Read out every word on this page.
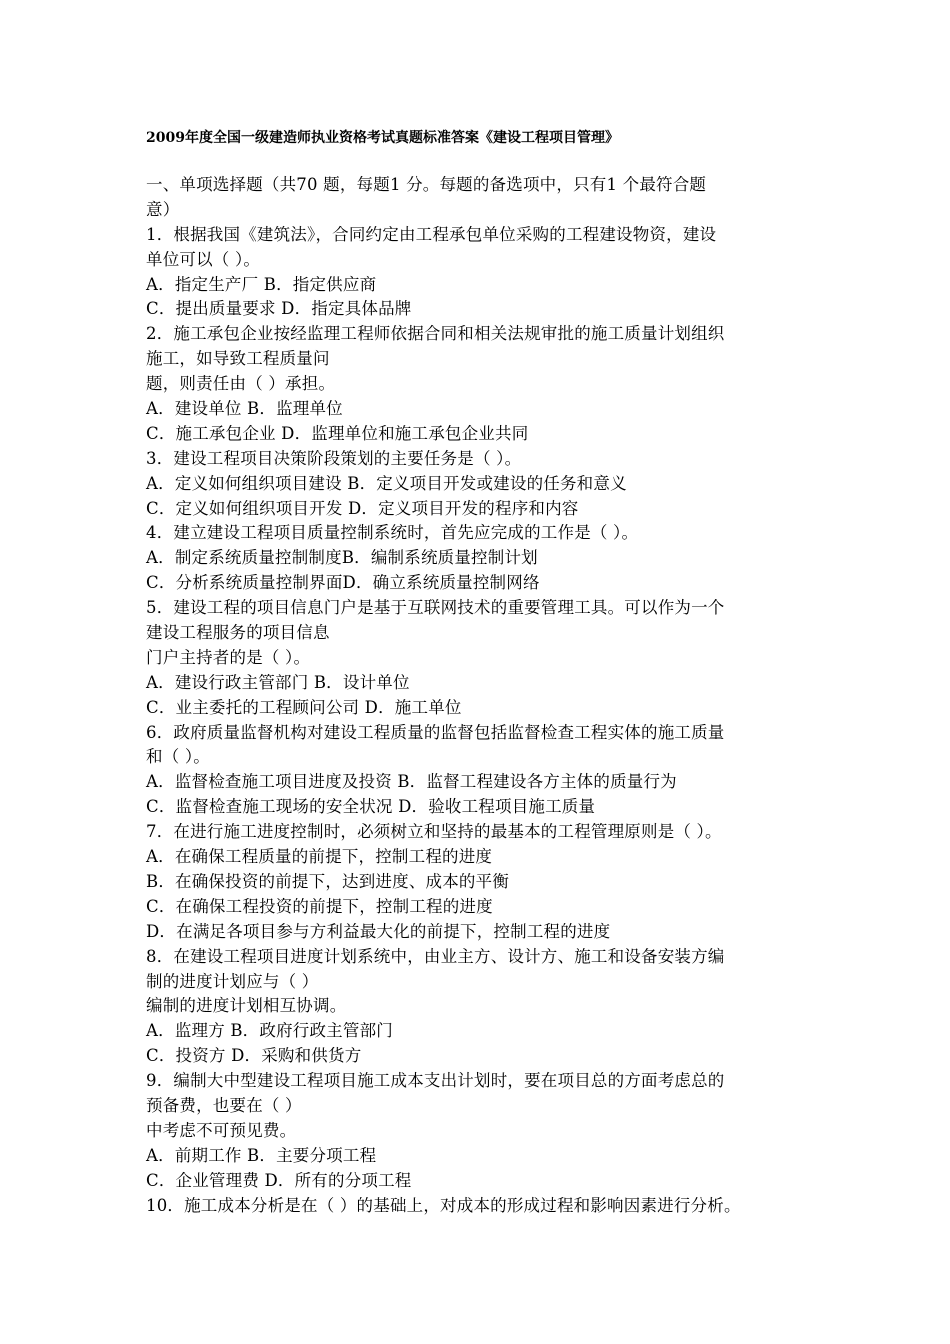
2009年度全国一级建造师执业资格考试真题标准答案《建设工程项目管理》
一、单项选择题（共70 题，每题1 分。每题的备选项中，只有1 个最符合题
意）
1．根据我国《建筑法》，合同约定由工程承包单位采购的工程建设物资，建设
单位可以（ ）。
A．指定生产厂 B．指定供应商
C．提出质量要求 D．指定具体品牌
2．施工承包企业按经监理工程师依据合同和相关法规审批的施工质量计划组织
施工，如导致工程质量问
题，则责任由（ ）承担。
A．建设单位 B．监理单位
C．施工承包企业 D．监理单位和施工承包企业共同
3．建设工程项目决策阶段策划的主要任务是（ ）。
A．定义如何组织项目建设 B．定义项目开发或建设的任务和意义
C．定义如何组织项目开发 D．定义项目开发的程序和内容
4．建立建设工程项目质量控制系统时，首先应完成的工作是（ ）。
A．制定系统质量控制制度B．编制系统质量控制计划
C．分析系统质量控制界面D．确立系统质量控制网络
5．建设工程的项目信息门户是基于互联网技术的重要管理工具。可以作为一个
建设工程服务的项目信息
门户主持者的是（ ）。
A．建设行政主管部门 B．设计单位
C．业主委托的工程顾问公司 D．施工单位
6．政府质量监督机构对建设工程质量的监督包括监督检查工程实体的施工质量
和（ ）。
A．监督检查施工项目进度及投资 B．监督工程建设各方主体的质量行为
C．监督检查施工现场的安全状况 D．验收工程项目施工质量
7．在进行施工进度控制时，必须树立和坚持的最基本的工程管理原则是（ ）。
A．在确保工程质量的前提下，控制工程的进度
B．在确保投资的前提下，达到进度、成本的平衡
C．在确保工程投资的前提下，控制工程的进度
D．在满足各项目参与方利益最大化的前提下，控制工程的进度
8．在建设工程项目进度计划系统中，由业主方、设计方、施工和设备安装方编
制的进度计划应与（ ）
编制的进度计划相互协调。
A．监理方 B．政府行政主管部门
C．投资方 D．采购和供货方
9．编制大中型建设工程项目施工成本支出计划时，要在项目总的方面考虑总的
预备费，也要在（ ）
中考虑不可预见费。
A．前期工作 B．主要分项工程
C．企业管理费 D．所有的分项工程
10．施工成本分析是在（ ）的基础上，对成本的形成过程和影响因素进行分析。
